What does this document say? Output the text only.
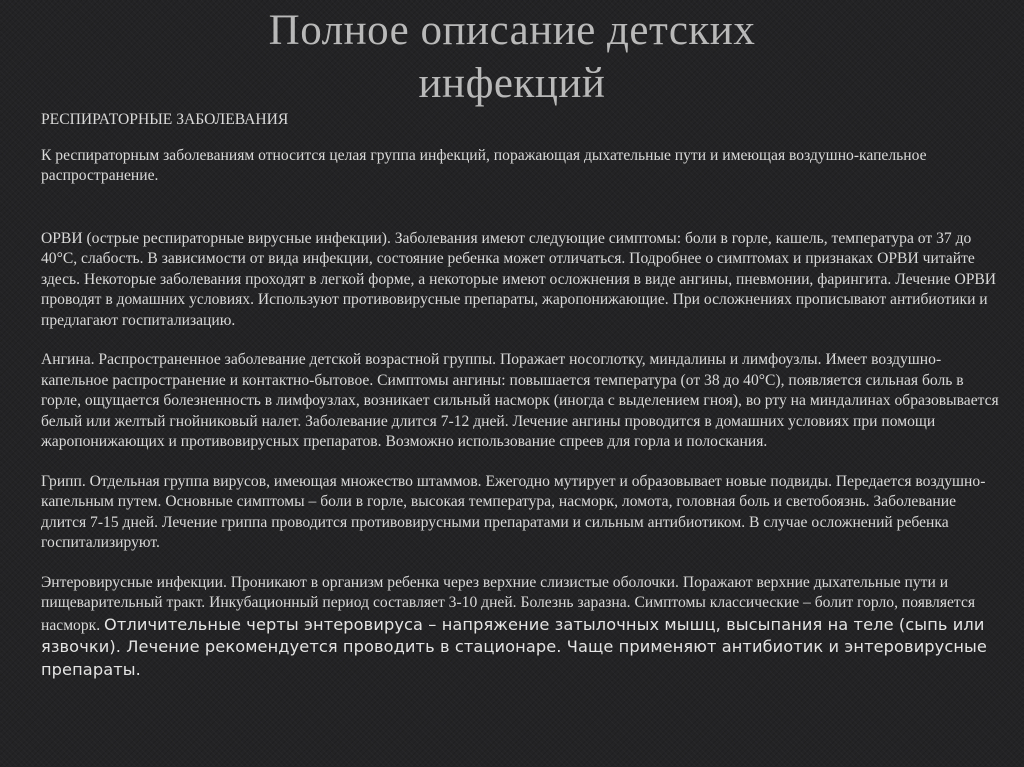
Полное описание детских
инфекций

РЕСПИРАТОРНЫЕ ЗАБОЛЕВАНИЯ

К респираторным заболеваниям относится целая группа инфекций, поражающая дыхательные пути и имеющая воздушно-капельное распространение.

ОРВИ (острые респираторные вирусные инфекции). Заболевания имеют следующие симптомы: боли в горле, кашель, температура от 37 до 40°С, слабость. В зависимости от вида инфекции, состояние ребенка может отличаться. Подробнее о симптомах и признаках ОРВИ читайте здесь. Некоторые заболевания проходят в легкой форме, а некоторые имеют осложнения в виде ангины, пневмонии, фарингита. Лечение ОРВИ проводят в домашних условиях. Используют противовирусные препараты, жаропонижающие. При осложнениях прописывают антибиотики и предлагают госпитализацию.

Ангина. Распространенное заболевание детской возрастной группы. Поражает носоглотку, миндалины и лимфоузлы. Имеет воздушно-капельное распространение и контактно-бытовое. Симптомы ангины: повышается температура (от 38 до 40°С), появляется сильная боль в горле, ощущается болезненность в лимфоузлах, возникает сильный насморк (иногда с выделением гноя), во рту на миндалинах образовывается белый или желтый гнойниковый налет. Заболевание длится 7-12 дней. Лечение ангины проводится в домашних условиях при помощи жаропонижающих и противовирусных препаратов. Возможно использование спреев для горла и полоскания.

Грипп. Отдельная группа вирусов, имеющая множество штаммов. Ежегодно мутирует и образовывает новые подвиды. Передается воздушно-капельным путем. Основные симптомы – боли в горле, высокая температура, насморк, ломота, головная боль и светобоязнь. Заболевание длится 7-15 дней. Лечение гриппа проводится противовирусными препаратами и сильным антибиотиком. В случае осложнений ребенка госпитализируют.

Энтеровирусные инфекции. Проникают в организм ребенка через верхние слизистые оболочки. Поражают верхние дыхательные пути и пищеварительный тракт. Инкубационный период составляет 3-10 дней. Болезнь заразна. Симптомы классические – болит горло, появляется насморк. Отличительные черты энтеровируса – напряжение затылочных мышц, высыпания на теле (сыпь или язвочки). Лечение рекомендуется проводить в стационаре. Чаще применяют антибиотик и энтеровирусные препараты.
